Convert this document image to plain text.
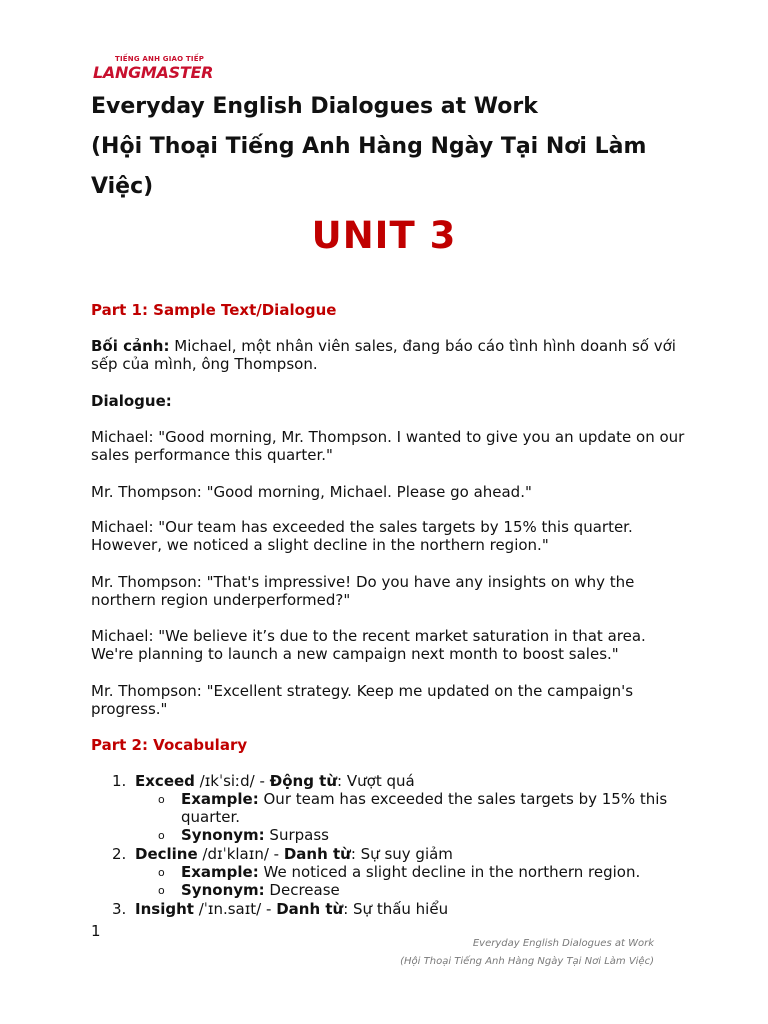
TIẾNG ANH GIAO TIẾP
LANGMASTER
Everyday English Dialogues at Work
(Hội Thoại Tiếng Anh Hàng Ngày Tại Nơi Làm
Việc)
UNIT 3
Part 1: Sample Text/Dialogue
Bối cảnh: Michael, một nhân viên sales, đang báo cáo tình hình doanh số với sếp của mình, ông Thompson.
Dialogue:
Michael: "Good morning, Mr. Thompson. I wanted to give you an update on our sales performance this quarter."
Mr. Thompson: "Good morning, Michael. Please go ahead."
Michael: "Our team has exceeded the sales targets by 15% this quarter. However, we noticed a slight decline in the northern region."
Mr. Thompson: "That's impressive! Do you have any insights on why the northern region underperformed?"
Michael: "We believe it’s due to the recent market saturation in that area. We're planning to launch a new campaign next month to boost sales."
Mr. Thompson: "Excellent strategy. Keep me updated on the campaign's progress."
Part 2: Vocabulary
1. Exceed /ɪkˈsiːd/ - Động từ: Vượt quá
o Example: Our team has exceeded the sales targets by 15% this quarter.
o Synonym: Surpass
2. Decline /dɪˈklaɪn/ - Danh từ: Sự suy giảm
o Example: We noticed a slight decline in the northern region.
o Synonym: Decrease
3. Insight /ˈɪn.saɪt/ - Danh từ: Sự thấu hiểu
1
Everyday English Dialogues at Work
(Hội Thoại Tiếng Anh Hàng Ngày Tại Nơi Làm Việc)
